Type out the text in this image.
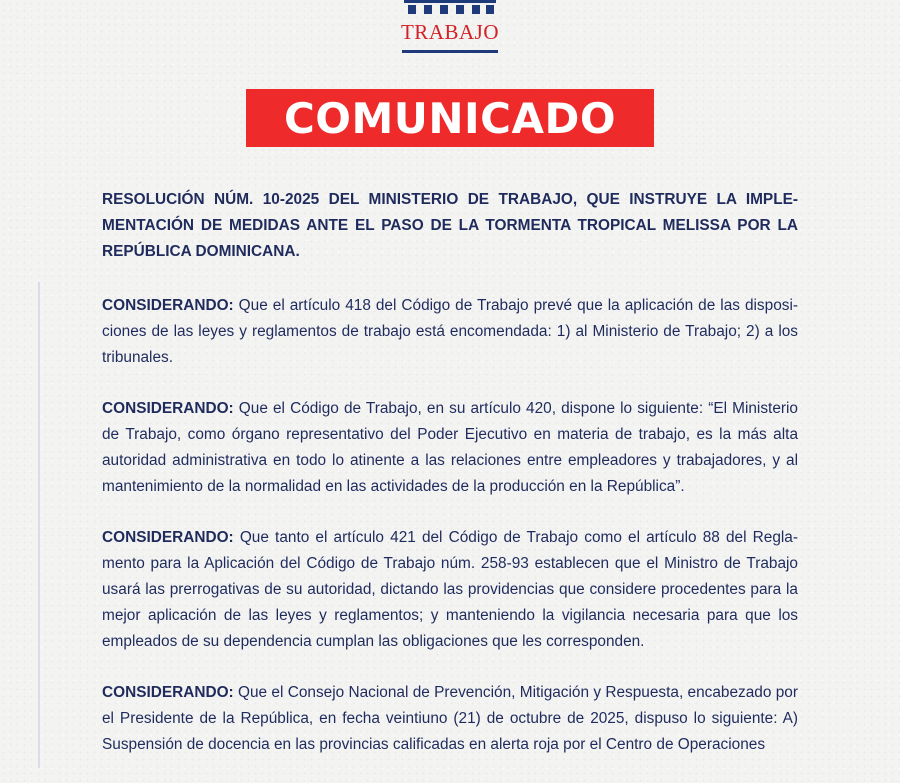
TRABAJO
COMUNICADO

RESOLUCIÓN NÚM. 10-2025 DEL MINISTERIO DE TRABAJO, QUE INSTRUYE LA IMPLE-MENTACIÓN DE MEDIDAS ANTE EL PASO DE LA TORMENTA TROPICAL MELISSA POR LA REPÚBLICA DOMINICANA.

CONSIDERANDO: Que el artículo 418 del Código de Trabajo prevé que la aplicación de las disposi-ciones de las leyes y reglamentos de trabajo está encomendada: 1) al Ministerio de Trabajo; 2) a los tribunales.

CONSIDERANDO: Que el Código de Trabajo, en su artículo 420, dispone lo siguiente: “El Ministerio de Trabajo, como órgano representativo del Poder Ejecutivo en materia de trabajo, es la más alta autoridad administrativa en todo lo atinente a las relaciones entre empleadores y trabajadores, y al mantenimiento de la normalidad en las actividades de la producción en la República”.

CONSIDERANDO: Que tanto el artículo 421 del Código de Trabajo como el artículo 88 del Regla-mento para la Aplicación del Código de Trabajo núm. 258-93 establecen que el Ministro de Trabajo usará las prerrogativas de su autoridad, dictando las providencias que considere procedentes para la mejor aplicación de las leyes y reglamentos; y manteniendo la vigilancia necesaria para que los empleados de su dependencia cumplan las obligaciones que les corresponden.

CONSIDERANDO: Que el Consejo Nacional de Prevención, Mitigación y Respuesta, encabezado por el Presidente de la República, en fecha veintiuno (21) de octubre de 2025, dispuso lo siguiente: A) Suspensión de docencia en las provincias calificadas en alerta roja por el Centro de Operaciones
